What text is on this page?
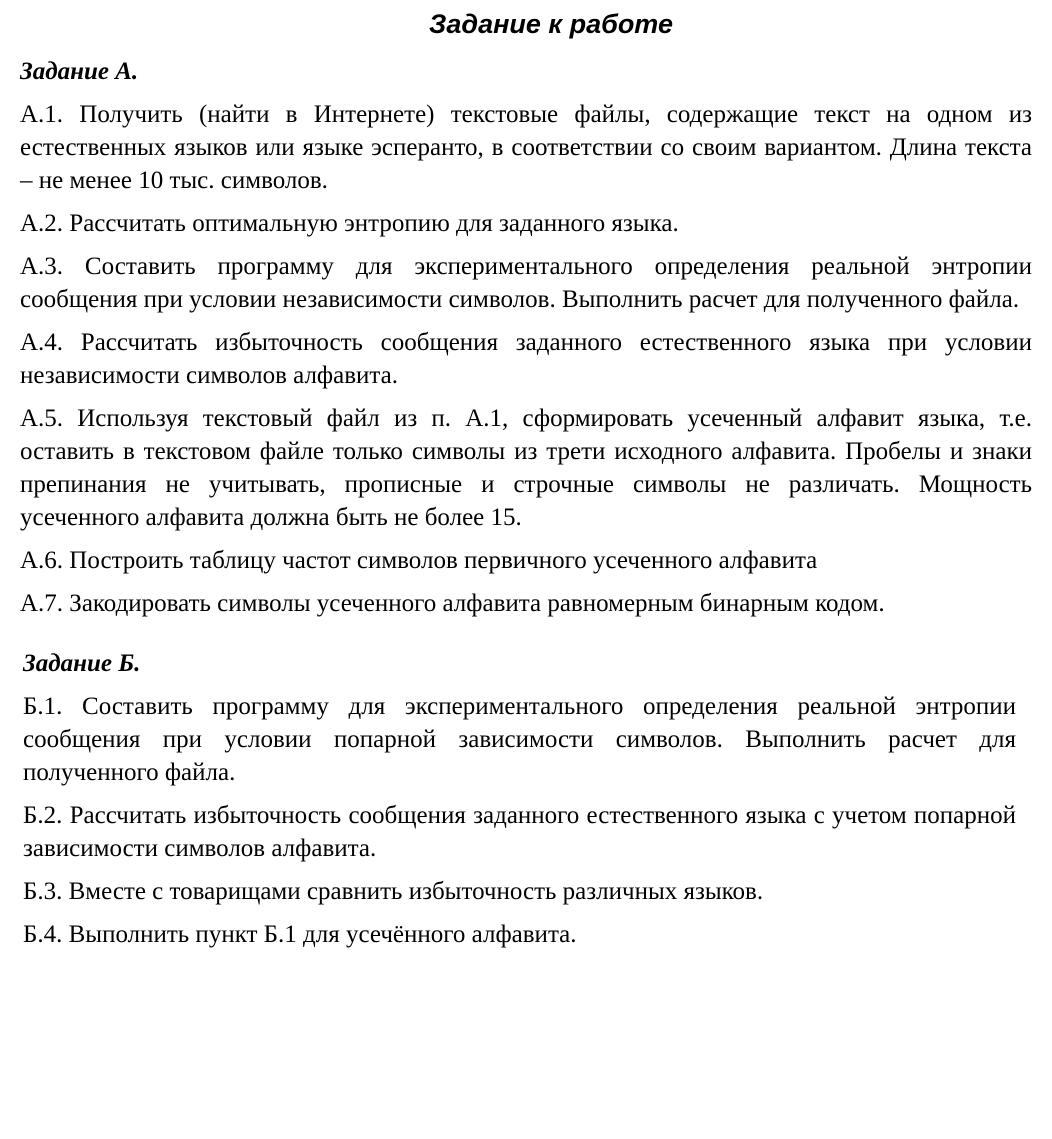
Задание к работе
Задание А.

А.1. Получить (найти в Интернете) текстовые файлы, содержащие текст на одном из естественных языков или языке эсперанто, в соответствии со своим вариантом. Длина текста – не менее 10 тыс. символов.

А.2. Рассчитать оптимальную энтропию для заданного языка.

А.3. Составить программу для экспериментального определения реальной энтропии сообщения при условии независимости символов. Выполнить расчет для полученного файла.

А.4. Рассчитать избыточность сообщения заданного естественного языка при условии независимости символов алфавита.

А.5. Используя текстовый файл из п. А.1, сформировать усеченный алфавит языка, т.е. оставить в текстовом файле только символы из трети исходного алфавита. Пробелы и знаки препинания не учитывать, прописные и строчные символы не различать. Мощность усеченного алфавита должна быть не более 15.

А.6. Построить таблицу частот символов первичного усеченного алфавита

А.7. Закодировать символы усеченного алфавита равномерным бинарным кодом.

Задание Б.

Б.1. Составить программу для экспериментального определения реальной энтропии сообщения при условии попарной зависимости символов. Выполнить расчет для полученного файла.

Б.2. Рассчитать избыточность сообщения заданного естественного языка с учетом попарной зависимости символов алфавита.

Б.3. Вместе с товарищами сравнить избыточность различных языков.

Б.4. Выполнить пункт Б.1 для усечённого алфавита.
